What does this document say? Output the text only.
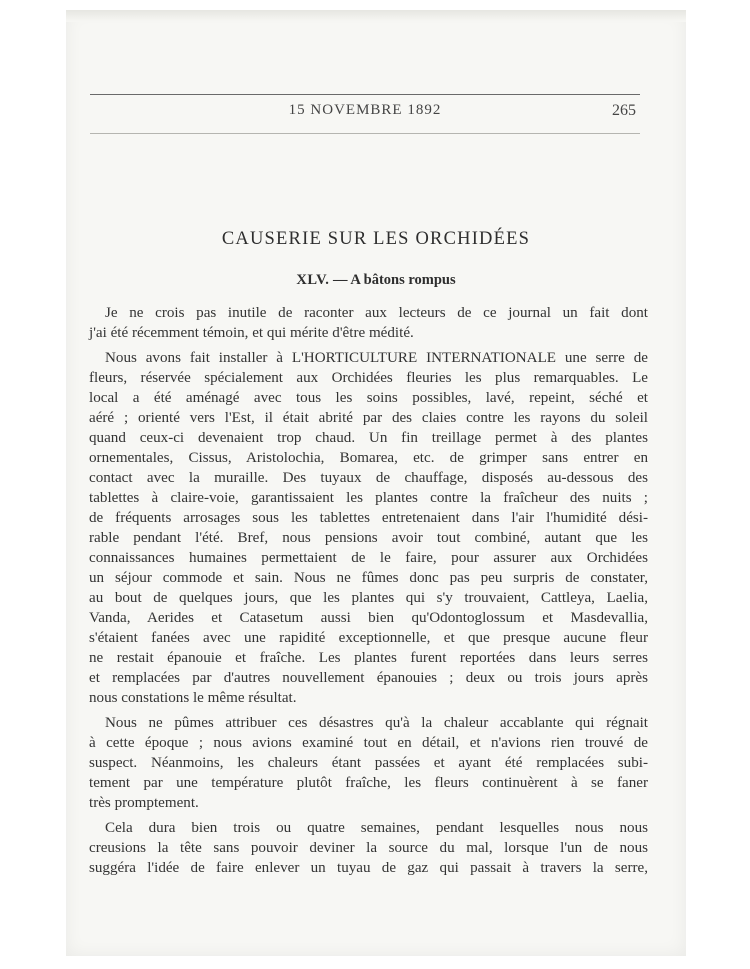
15 NOVEMBRE 1892	265
CAUSERIE SUR LES ORCHIDÉES
XLV. — A bâtons rompus
Je ne crois pas inutile de raconter aux lecteurs de ce journal un fait dont
j'ai été récemment témoin, et qui mérite d'être médité.
Nous avons fait installer à L'HORTICULTURE INTERNATIONALE une serre de
fleurs, réservée spécialement aux Orchidées fleuries les plus remarquables. Le
local a été aménagé avec tous les soins possibles, lavé, repeint, séché et
aéré ; orienté vers l'Est, il était abrité par des claies contre les rayons du soleil
quand ceux-ci devenaient trop chaud. Un fin treillage permet à des plantes
ornementales, Cissus, Aristolochia, Bomarea, etc. de grimper sans entrer en
contact avec la muraille. Des tuyaux de chauffage, disposés au-dessous des
tablettes à claire-voie, garantissaient les plantes contre la fraîcheur des nuits ;
de fréquents arrosages sous les tablettes entretenaient dans l'air l'humidité dési-
rable pendant l'été. Bref, nous pensions avoir tout combiné, autant que les
connaissances humaines permettaient de le faire, pour assurer aux Orchidées
un séjour commode et sain. Nous ne fûmes donc pas peu surpris de constater,
au bout de quelques jours, que les plantes qui s'y trouvaient, Cattleya, Laelia,
Vanda, Aerides et Catasetum aussi bien qu'Odontoglossum et Masdevallia,
s'étaient fanées avec une rapidité exceptionnelle, et que presque aucune fleur
ne restait épanouie et fraîche. Les plantes furent reportées dans leurs serres
et remplacées par d'autres nouvellement épanouies ; deux ou trois jours après
nous constations le même résultat.
Nous ne pûmes attribuer ces désastres qu'à la chaleur accablante qui régnait
à cette époque ; nous avions examiné tout en détail, et n'avions rien trouvé de
suspect. Néanmoins, les chaleurs étant passées et ayant été remplacées subi-
tement par une température plutôt fraîche, les fleurs continuèrent à se faner
très promptement.
Cela dura bien trois ou quatre semaines, pendant lesquelles nous nous
creusions la tête sans pouvoir deviner la source du mal, lorsque l'un de nous
suggéra l'idée de faire enlever un tuyau de gaz qui passait à travers la serre,
